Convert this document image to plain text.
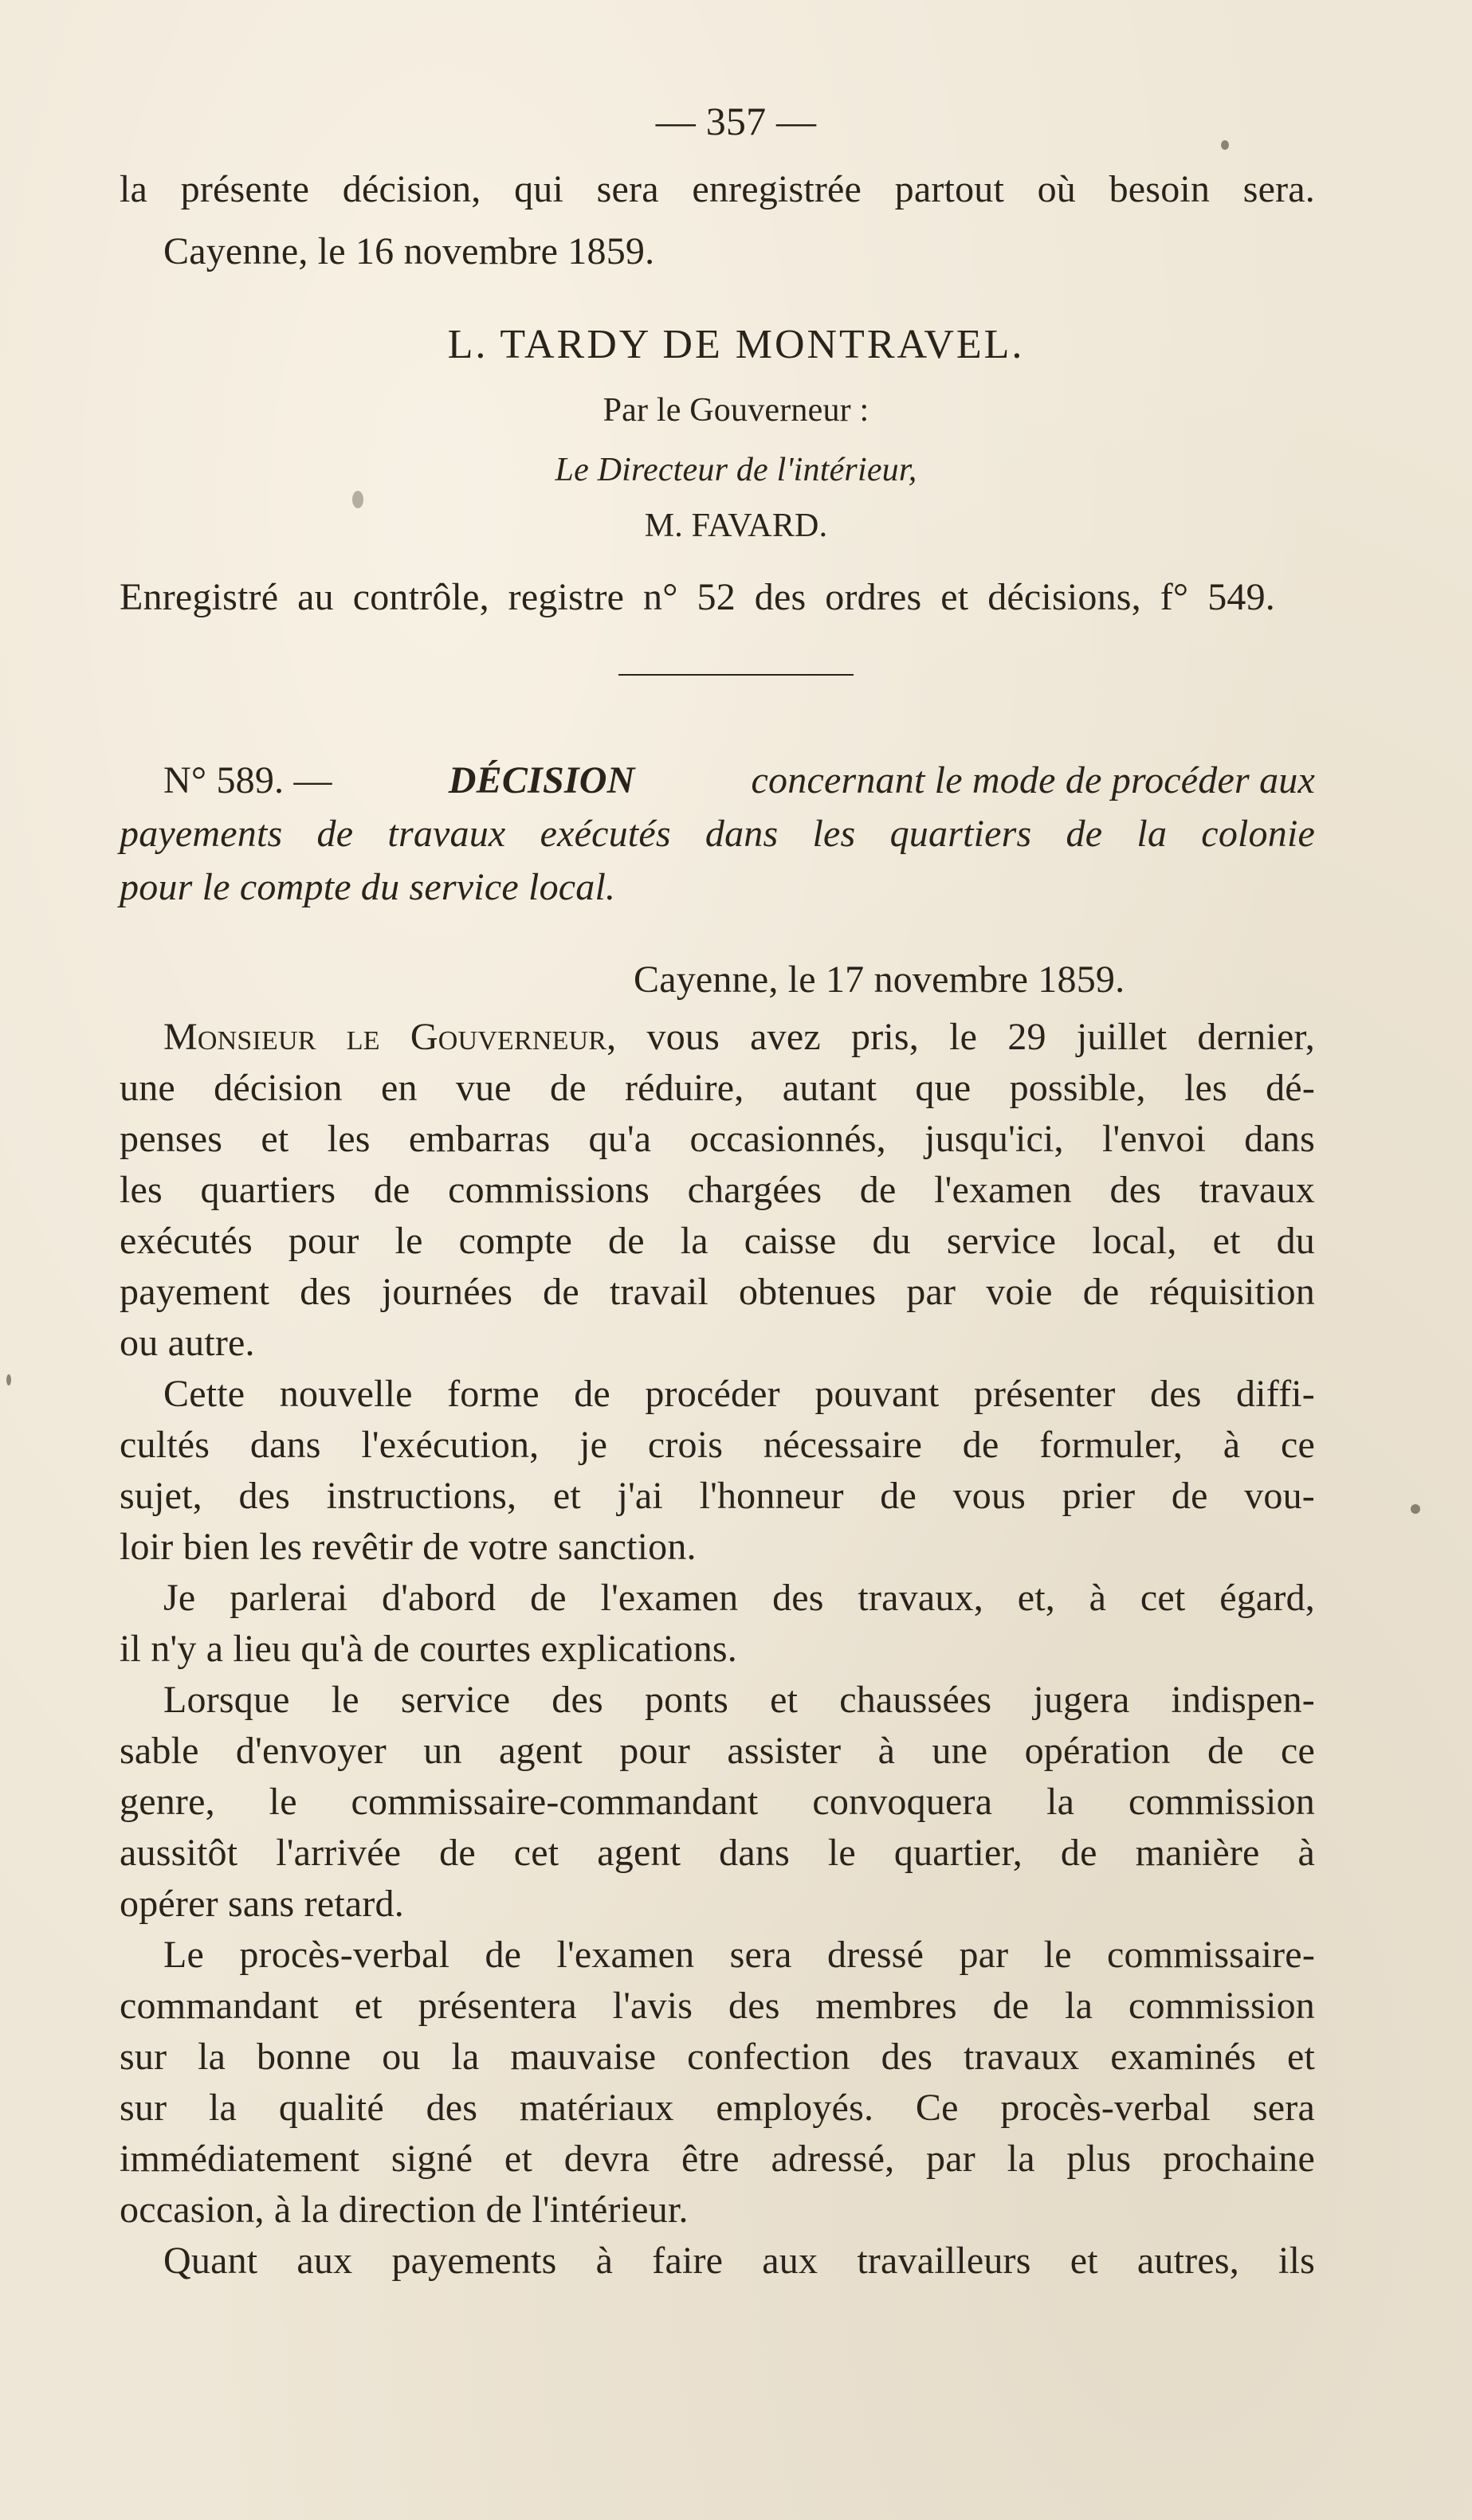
— 357 —
la présente décision, qui sera enregistrée partout où besoin sera.
Cayenne, le 16 novembre 1859.
L. TARDY DE MONTRAVEL.
Par le Gouverneur :
Le Directeur de l'intérieur,
M. FAVARD.
Enregistré au contrôle, registre n° 52 des ordres et décisions, f° 549.
N° 589. —	DÉCISION	concernant le mode de procéder aux
payements de travaux exécutés dans les quartiers de la colonie
pour le compte du service local.
Cayenne, le 17 novembre 1859.
Monsieur le Gouverneur, vous avez pris, le 29 juillet dernier,
une décision en vue de réduire, autant que possible, les dé-
penses et les embarras qu'a occasionnés, jusqu'ici, l'envoi dans
les quartiers de commissions chargées de l'examen des travaux
exécutés pour le compte de la caisse du service local, et du
payement des journées de travail obtenues par voie de réquisition
ou autre.
Cette nouvelle forme de procéder pouvant présenter des diffi-
cultés dans l'exécution, je crois nécessaire de formuler, à ce
sujet, des instructions, et j'ai l'honneur de vous prier de vou-
loir bien les revêtir de votre sanction.
Je parlerai d'abord de l'examen des travaux, et, à cet égard,
il n'y a lieu qu'à de courtes explications.
Lorsque le service des ponts et chaussées jugera indispen-
sable d'envoyer un agent pour assister à une opération de ce
genre, le commissaire-commandant convoquera la commission
aussitôt l'arrivée de cet agent dans le quartier, de manière à
opérer sans retard.
Le procès-verbal de l'examen sera dressé par le commissaire-
commandant et présentera l'avis des membres de la commission
sur la bonne ou la mauvaise confection des travaux examinés et
sur la qualité des matériaux employés. Ce procès-verbal sera
immédiatement signé et devra être adressé, par la plus prochaine
occasion, à la direction de l'intérieur.
Quant aux payements à faire aux travailleurs et autres, ils
